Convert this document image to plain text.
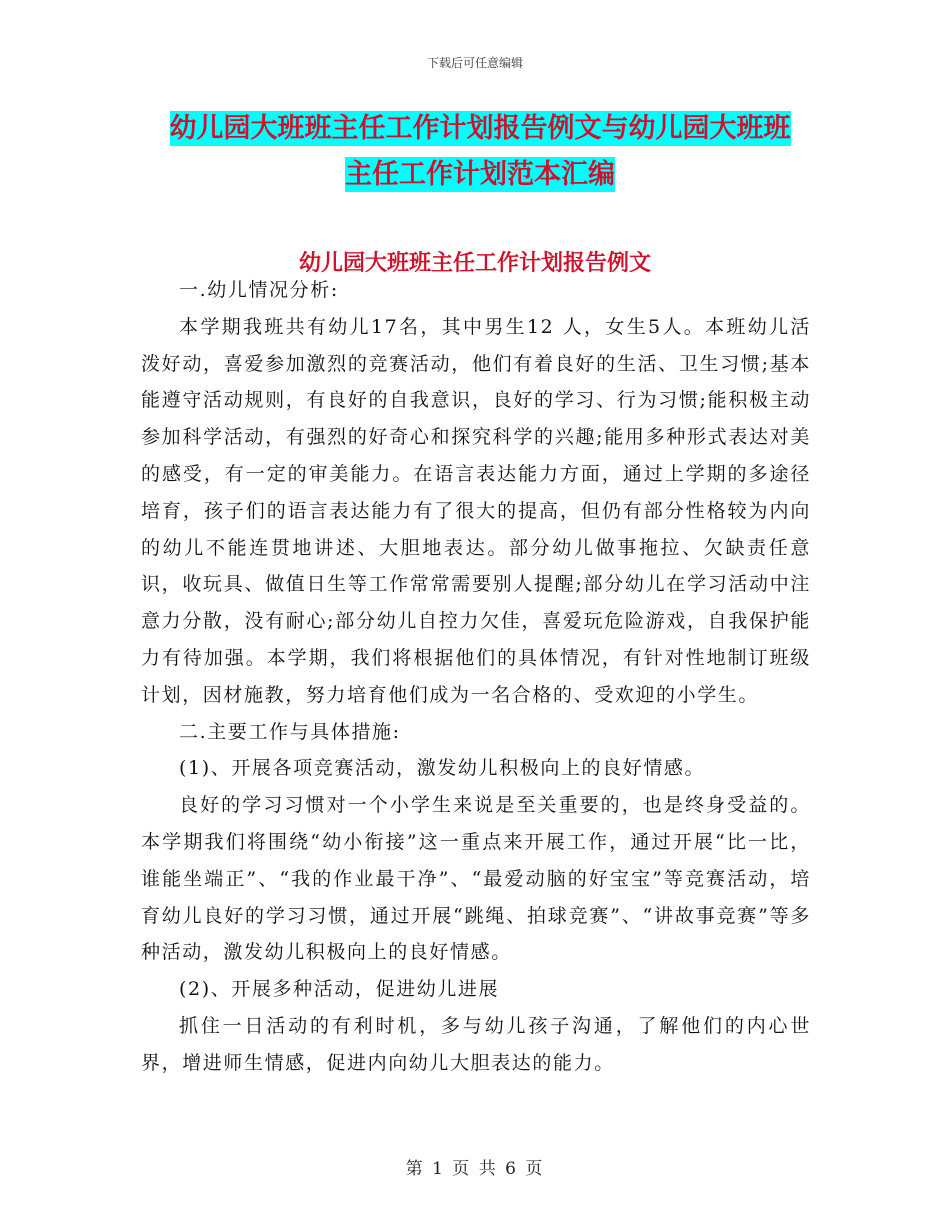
下载后可任意编辑
幼儿园大班班主任工作计划报告例文与幼儿园大班班
主任工作计划范本汇编
幼儿园大班班主任工作计划报告例文

一.幼儿情况分析:

本学期我班共有幼儿17名，其中男生12 人，女生5人。本班幼儿活泼好动，喜爱参加激烈的竞赛活动，他们有着良好的生活、卫生习惯;基本能遵守活动规则，有良好的自我意识，良好的学习、行为习惯;能积极主动参加科学活动，有强烈的好奇心和探究科学的兴趣;能用多种形式表达对美的感受，有一定的审美能力。在语言表达能力方面，通过上学期的多途径培育，孩子们的语言表达能力有了很大的提高，但仍有部分性格较为内向的幼儿不能连贯地讲述、大胆地表达。部分幼儿做事拖拉、欠缺责任意识，收玩具、做值日生等工作常常需要别人提醒;部分幼儿在学习活动中注意力分散，没有耐心;部分幼儿自控力欠佳，喜爱玩危险游戏，自我保护能力有待加强。本学期，我们将根据他们的具体情况，有针对性地制订班级计划，因材施教，努力培育他们成为一名合格的、受欢迎的小学生。

二.主要工作与具体措施:

(1)、开展各项竞赛活动，激发幼儿积极向上的良好情感。

良好的学习习惯对一个小学生来说是至关重要的，也是终身受益的。本学期我们将围绕“幼小衔接”这一重点来开展工作，通过开展“比一比，谁能坐端正”、“我的作业最干净”、“最爱动脑的好宝宝”等竞赛活动，培育幼儿良好的学习习惯，通过开展“跳绳、拍球竞赛”、“讲故事竞赛”等多种活动，激发幼儿积极向上的良好情感。

(2)、开展多种活动，促进幼儿进展

抓住一日活动的有利时机，多与幼儿孩子沟通，了解他们的内心世界，增进师生情感，促进内向幼儿大胆表达的能力。

第 1 页 共 6 页
